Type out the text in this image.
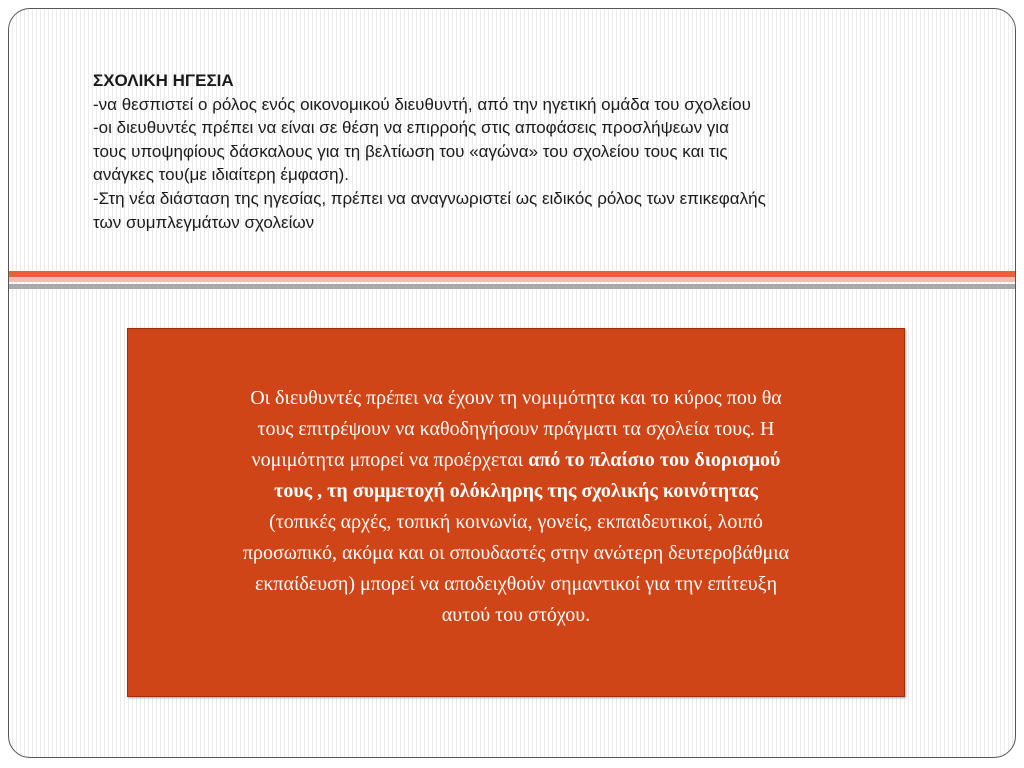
ΣΧΟΛΙΚΗ ΗΓΕΣΙΑ
-να θεσπιστεί ο ρόλος ενός οικονομικού διευθυντή, από την ηγετική ομάδα του σχολείου
-οι διευθυντές πρέπει να είναι σε θέση να επιρροής στις αποφάσεις προσλήψεων για
τους υποψηφίους δάσκαλους για τη βελτίωση του «αγώνα» του σχολείου τους και τις
ανάγκες του(με ιδιαίτερη έμφαση).
-Στη νέα διάσταση της ηγεσίας, πρέπει να αναγνωριστεί ως ειδικός ρόλος των επικεφαλής
των συμπλεγμάτων σχολείων
Οι διευθυντές πρέπει να έχουν τη νομιμότητα και το κύρος που θα
τους επιτρέψουν να καθοδηγήσουν πράγματι τα σχολεία τους. Η
νομιμότητα μπορεί να προέρχεται από το πλαίσιο του διορισμού
τους , τη συμμετοχή ολόκληρης της σχολικής κοινότητας
(τοπικές αρχές, τοπική κοινωνία, γονείς, εκπαιδευτικοί, λοιπό
προσωπικό, ακόμα και οι σπουδαστές στην ανώτερη δευτεροβάθμια
εκπαίδευση) μπορεί να αποδειχθούν σημαντικοί για την επίτευξη
αυτού του στόχου.
